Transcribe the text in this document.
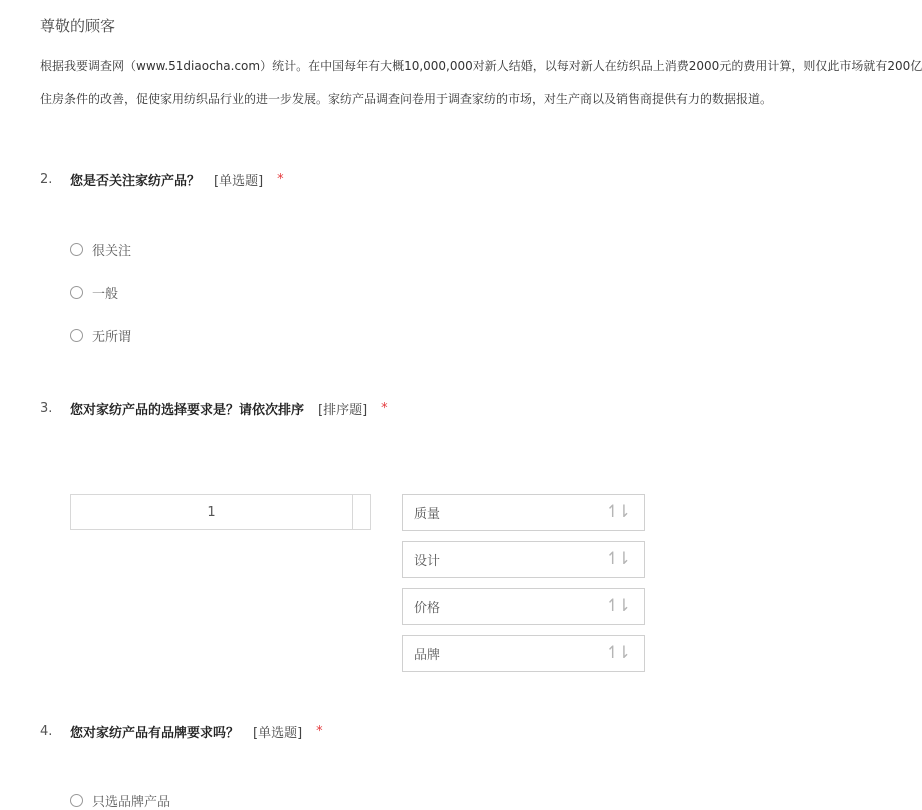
尊敬的顾客
根据我要调查网（www.51diaocha.com）统计。在中国每年有大概10,000,000对新人结婚，以每对新人在纺织品上消费2000元的费用计算，则仅此市场就有200亿
住房条件的改善，促使家用纺织品行业的进一步发展。家纺产品调查问卷用于调查家纺的市场，对生产商以及销售商提供有力的数据报道。
2.	您是否关注家纺产品？ [单选题] *
很关注
一般
无所谓
3.	您对家纺产品的选择要求是？请依次排序 [排序题] *
1	质量	↿⇂
设计	↿⇂
价格	↿⇂
品牌	↿⇂
4.	您对家纺产品有品牌要求吗？ [单选题] *
只选品牌产品
